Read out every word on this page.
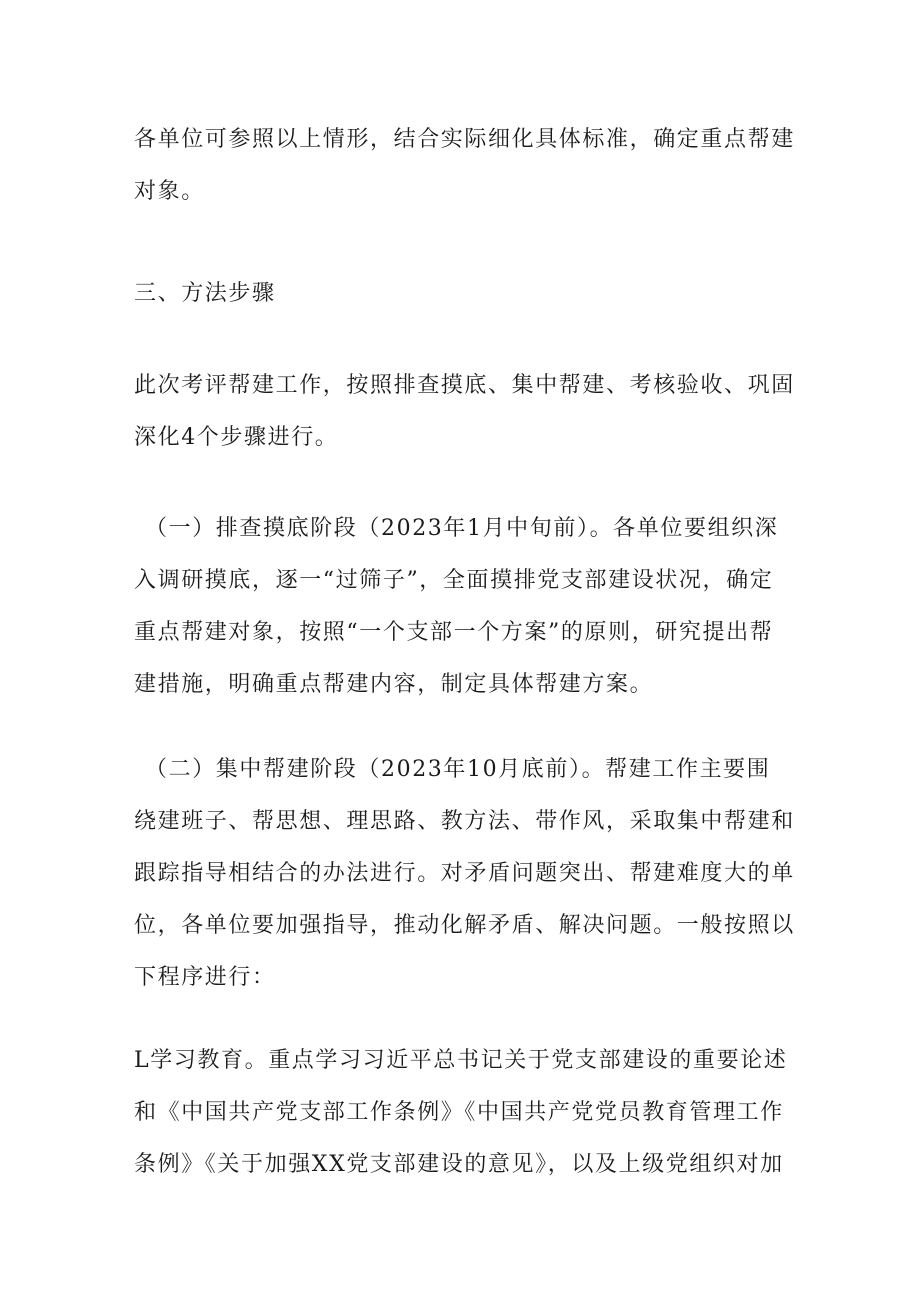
各单位可参照以上情形，结合实际细化具体标准，确定重点帮建
对象。
三、方法步骤
此次考评帮建工作，按照排查摸底、集中帮建、考核验收、巩固
深化4个步骤进行。
（一）排查摸底阶段（2023年1月中旬前）。各单位要组织深
入调研摸底，逐一“过筛子”，全面摸排党支部建设状况，确定
重点帮建对象，按照“一个支部一个方案”的原则，研究提出帮
建措施，明确重点帮建内容，制定具体帮建方案。
（二）集中帮建阶段（2023年10月底前）。帮建工作主要围
绕建班子、帮思想、理思路、教方法、带作风，采取集中帮建和
跟踪指导相结合的办法进行。对矛盾问题突出、帮建难度大的单
位，各单位要加强指导，推动化解矛盾、解决问题。一般按照以
下程序进行：
L学习教育。重点学习习近平总书记关于党支部建设的重要论述
和《中国共产党支部工作条例》《中国共产党党员教育管理工作
条例》《关于加强XX党支部建设的意见》，以及上级党组织对加
